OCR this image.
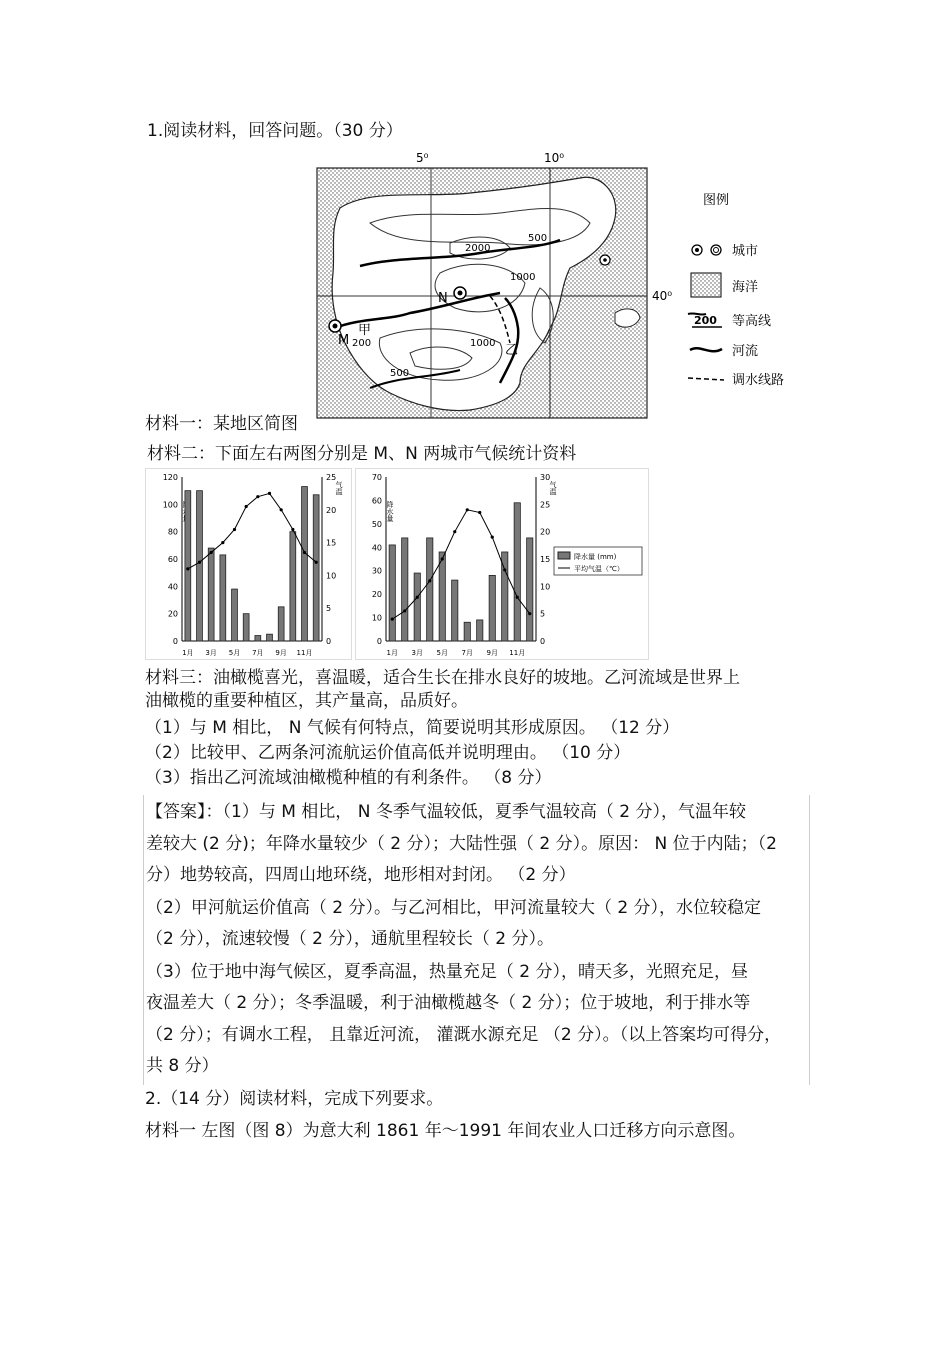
1.阅读材料，回答问题。（30 分）
5⁰	10⁰
40⁰
2000
500
1000
1000
200
500
N
M
甲
乙
图例
城市
海洋
200 等高线
河流
调水线路
材料一：某地区简图
材料二：下面左右两图分别是 M、N 两城市气候统计资料
0
20
40
60
80
100
120
0
5
10
15
20
25
气温
1月 3月 5月 7月 9月 11月
0
10
20
30
40
50
60
70
0
5
10
15
20
25
30
降水量
气温
1月 3月 5月 7月 9月 11月
降水量 (mm)
平均气温（℃）
材料三：油橄榄喜光，喜温暖，适合生长在排水良好的坡地。乙河流域是世界上
油橄榄的重要种植区，其产量高，品质好。
（1）与 M 相比， N 气候有何特点，简要说明其形成原因。 （12 分）
（2）比较甲、乙两条河流航运价值高低并说明理由。 （10 分）
（3）指出乙河流域油橄榄种植的有利条件。 （8 分）
【答案】：（1）与 M 相比， N 冬季气温较低，夏季气温较高（ 2 分），气温年较
差较大 (2 分)；年降水量较少（ 2 分）；大陆性强（ 2 分）。原因： N 位于内陆；（2
分）地势较高，四周山地环绕，地形相对封闭。 （2 分）
（2）甲河航运价值高（ 2 分）。与乙河相比，甲河流量较大（ 2 分），水位较稳定
（2 分），流速较慢（ 2 分），通航里程较长（ 2 分）。
（3）位于地中海气候区，夏季高温，热量充足（ 2 分），晴天多，光照充足，昼
夜温差大（ 2 分）；冬季温暖，利于油橄榄越冬（ 2 分）；位于坡地，利于排水等
（2 分）；有调水工程， 且靠近河流， 灌溉水源充足 （2 分）。（以上答案均可得分，
共 8 分）
2.（14 分）阅读材料，完成下列要求。
材料一 左图（图 8）为意大利 1861 年～1991 年间农业人口迁移方向示意图。
